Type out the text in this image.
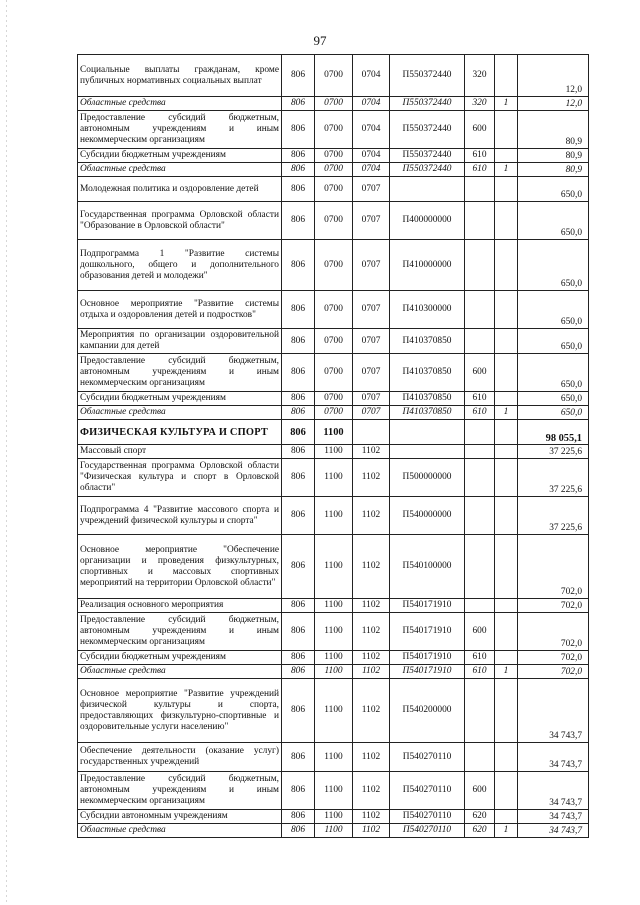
97
Социальные выплаты гражданам, кроме публичных нормативных социальных выплат	806	0700	0704	П550372440	320		12,0
Областные средства	806	0700	0704	П550372440	320	1	12,0
Предоставление субсидий бюджетным, автономным учреждениям и иным некоммерческим организациям	806	0700	0704	П550372440	600		80,9
Субсидии бюджетным учреждениям	806	0700	0704	П550372440	610		80,9
Областные средства	806	0700	0704	П550372440	610	1	80,9
Молодежная политика и оздоровление детей	806	0700	0707				650,0
Государственная программа Орловской области "Образование в Орловской области"	806	0700	0707	П400000000			650,0
Подпрограмма 1 "Развитие системы дошкольного, общего и дополнительного образования детей и молодежи"	806	0700	0707	П410000000			650,0
Основное мероприятие "Развитие системы отдыха и оздоровления детей и подростков"	806	0700	0707	П410300000			650,0
Мероприятия по организации оздоровительной кампании для детей	806	0700	0707	П410370850			650,0
Предоставление субсидий бюджетным, автономным учреждениям и иным некоммерческим организациям	806	0700	0707	П410370850	600		650,0
Субсидии бюджетным учреждениям	806	0700	0707	П410370850	610		650,0
Областные средства	806	0700	0707	П410370850	610	1	650,0
ФИЗИЧЕСКАЯ КУЛЬТУРА И СПОРТ	806	1100					98 055,1
Массовый спорт	806	1100	1102				37 225,6
Государственная программа Орловской области "Физическая культура и спорт в Орловской области"	806	1100	1102	П500000000			37 225,6
Подпрограмма 4 "Развитие массового спорта и учреждений физической культуры и спорта"	806	1100	1102	П540000000			37 225,6
Основное мероприятие "Обеспечение организации и проведения физкультурных, спортивных и массовых спортивных мероприятий на территории Орловской области"	806	1100	1102	П540100000			702,0
Реализация основного мероприятия	806	1100	1102	П540171910			702,0
Предоставление субсидий бюджетным, автономным учреждениям и иным некоммерческим организациям	806	1100	1102	П540171910	600		702,0
Субсидии бюджетным учреждениям	806	1100	1102	П540171910	610		702,0
Областные средства	806	1100	1102	П540171910	610	1	702,0
Основное мероприятие "Развитие учреждений физической культуры и спорта, предоставляющих физкультурно-спортивные и оздоровительные услуги населению"	806	1100	1102	П540200000			34 743,7
Обеспечение деятельности (оказание услуг) государственных учреждений	806	1100	1102	П540270110			34 743,7
Предоставление субсидий бюджетным, автономным учреждениям и иным некоммерческим организациям	806	1100	1102	П540270110	600		34 743,7
Субсидии автономным учреждениям	806	1100	1102	П540270110	620		34 743,7
Областные средства	806	1100	1102	П540270110	620	1	34 743,7
